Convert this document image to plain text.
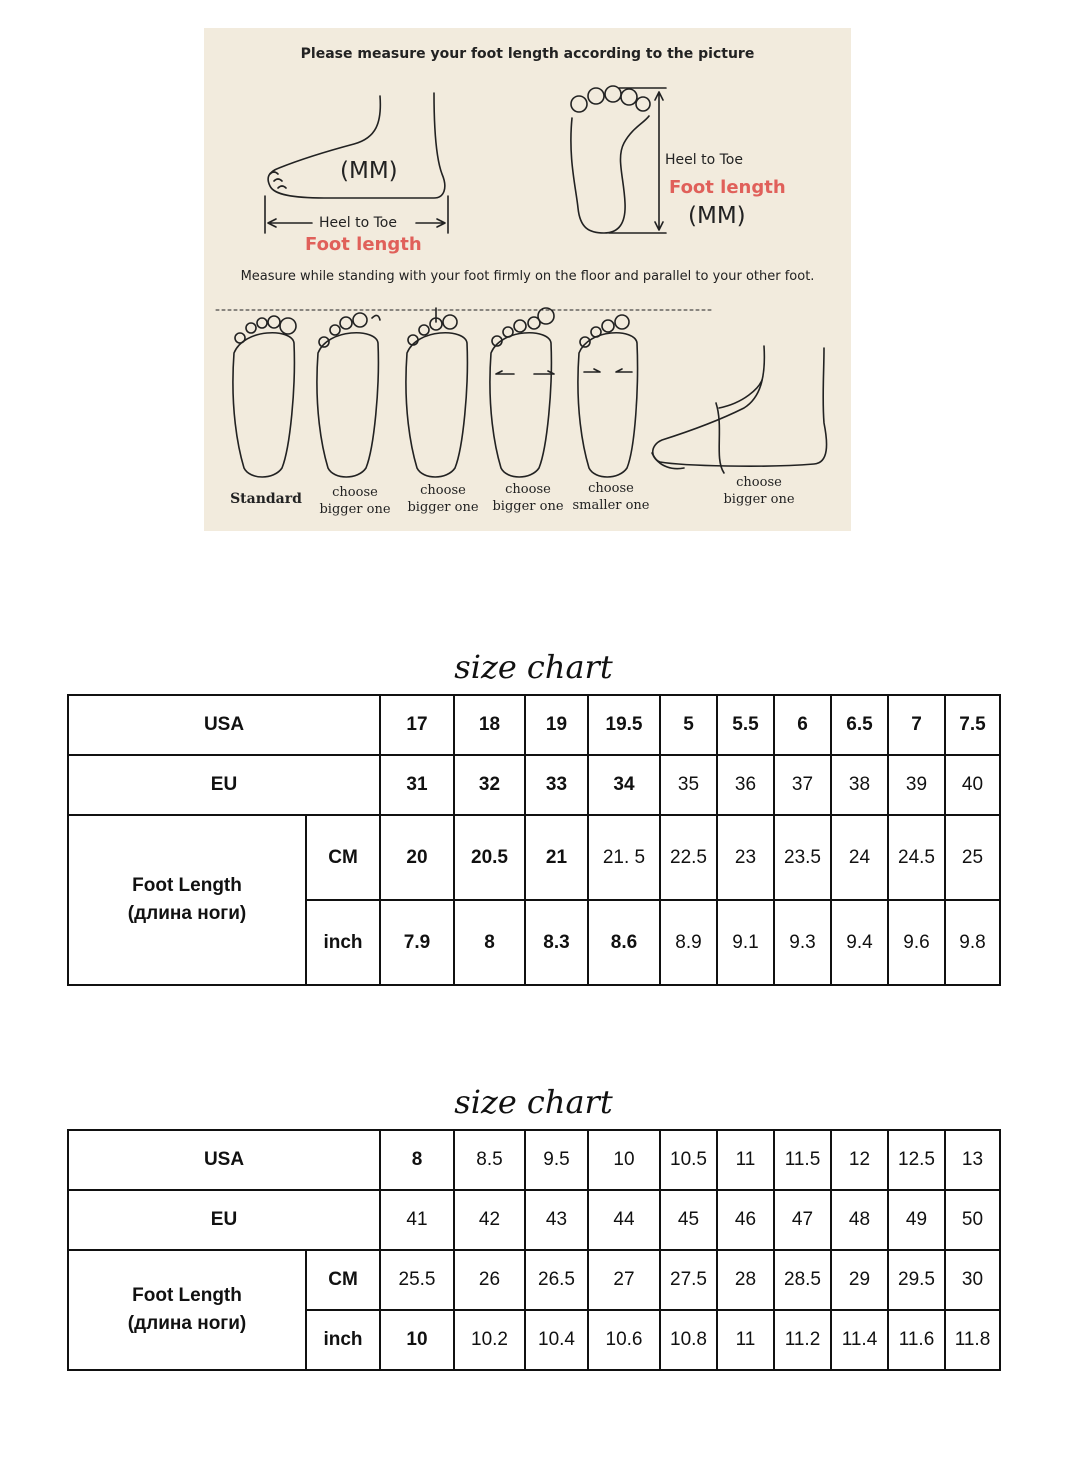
Please measure your foot length according to the picture
(MM)
Heel to Toe
Foot length
Heel to Toe
Foot length
(MM)
Measure while standing with your foot firmly on the floor and parallel to your other foot.
Standard	choose
bigger one
choose
bigger one
choose
bigger one
choose
smaller one
choose
bigger one
size chart
USA		17	18	19	19.5	5	5.5	6	6.5	7	7.5
EU		31	32	33	34	35	36	37	38	39	40
Foot Length
(длина ноги)	CM	20	20.5	21	21. 5	22.5	23	23.5	24	24.5	25
	inch	7.9	8	8.3	8.6	8.9	9.1	9.3	9.4	9.6	9.8
size chart
USA		8	8.5	9.5	10	10.5	11	11.5	12	12.5	13
EU		41	42	43	44	45	46	47	48	49	50
Foot Length
(длина ноги)	CM	25.5	26	26.5	27	27.5	28	28.5	29	29.5	30
	inch	10	10.2	10.4	10.6	10.8	11	11.2	11.4	11.6	11.8
